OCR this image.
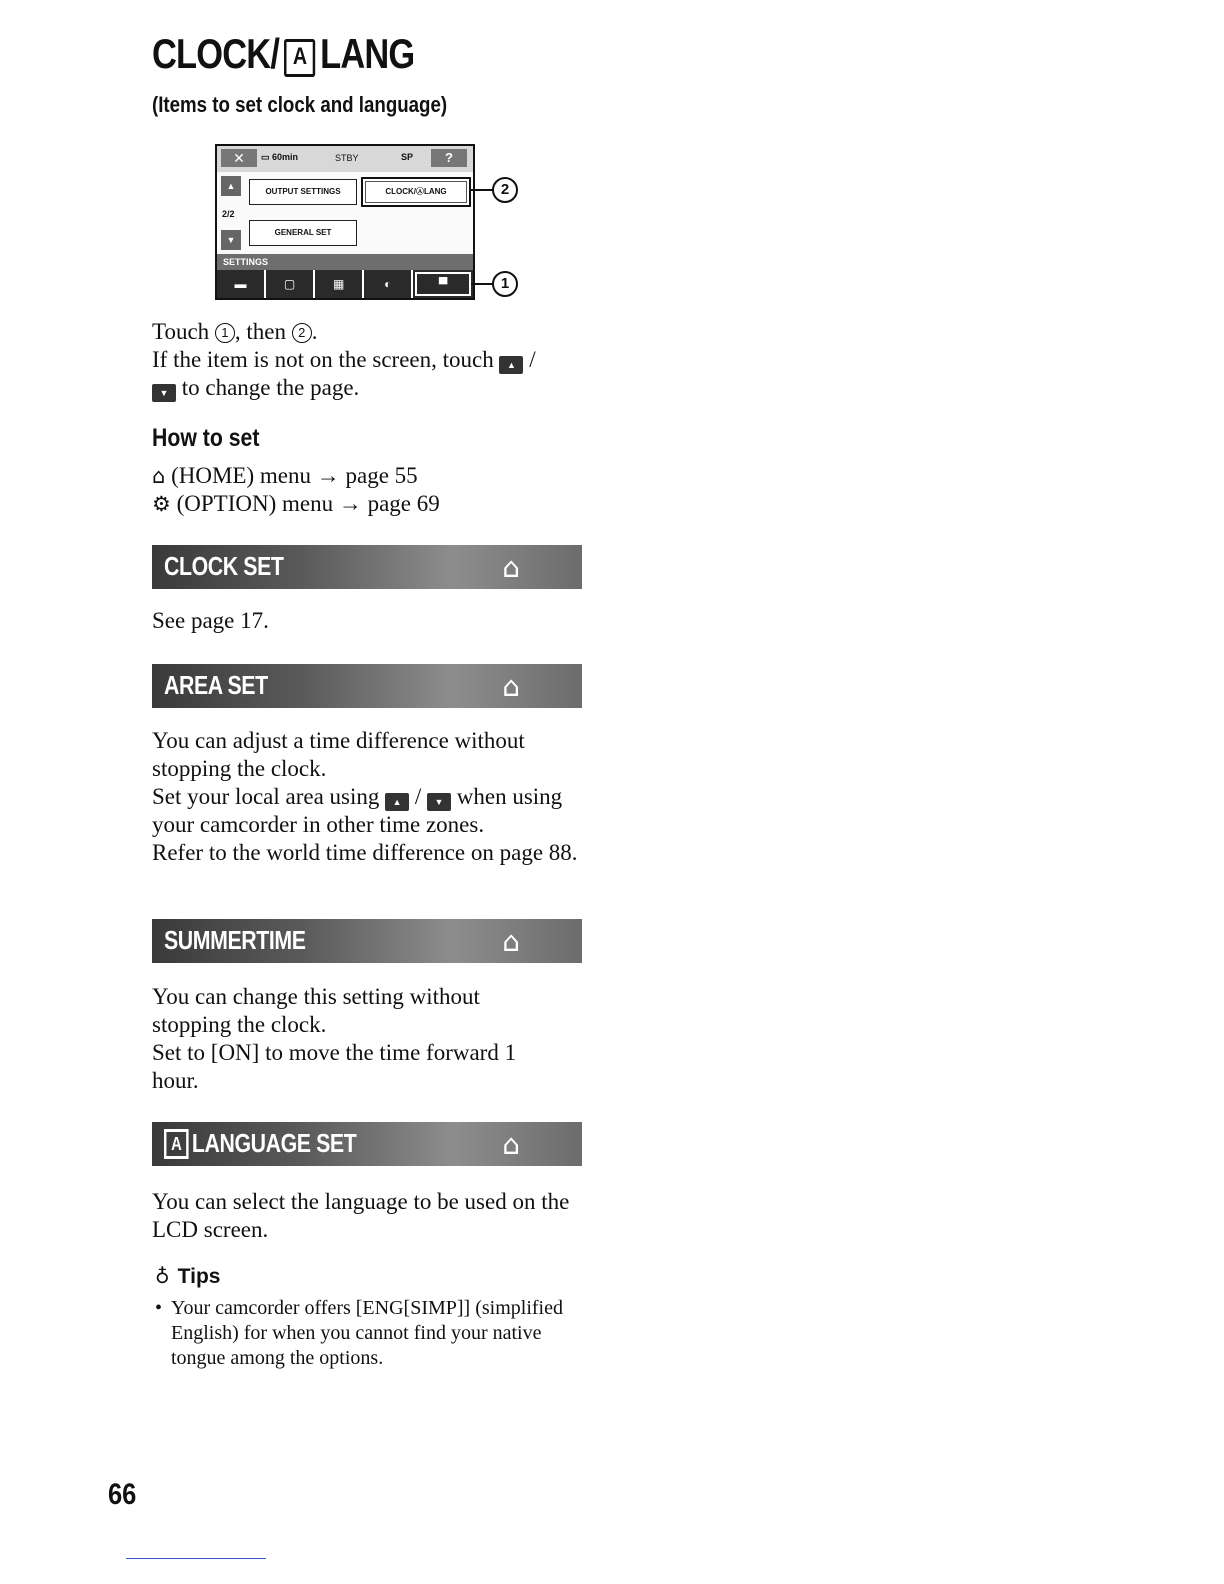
CLOCK/ A LANG
(Items to set clock and language)
✕	▭ 60min	STBY	SP	?
▲
2/2
▼
OUTPUT SETTINGS	CLOCK/ⒶLANG
GENERAL SET
SETTINGS
▬	▢	▦	◐	▀
2
1
Touch 1 , then 2 .
If the item is not on the screen, touch ▲ /
▼ to change the page.
How to set
⌂ (HOME) menu → page 55
⚙ (OPTION) menu → page 69
CLOCK SET	⌂
See page 17.
AREA SET	⌂
You can adjust a time difference without stopping the clock.
Set your local area using ▲ / ▼ when using your camcorder in other time zones.
Refer to the world time difference on page 88.
SUMMERTIME	⌂
You can change this setting without stopping the clock.
Set to [ON] to move the time forward 1 hour.
A LANGUAGE SET	⌂
You can select the language to be used on the LCD screen.
♁ Tips
• Your camcorder offers [ENG[SIMP]] (simplified English) for when you cannot find your native tongue among the options.
66
